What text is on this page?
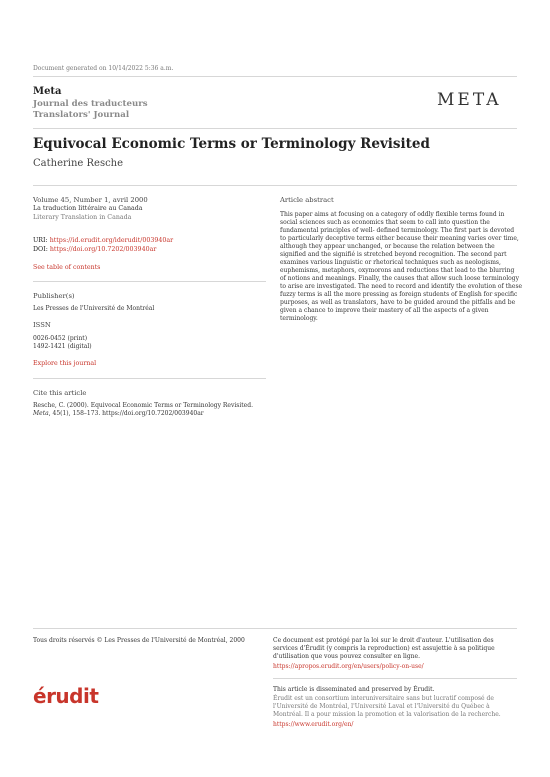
Document generated on 10/14/2022 5:36 a.m.
Meta
Journal des traducteurs
Translators' Journal
META
Equivocal Economic Terms or Terminology Revisited
Catherine Resche
Volume 45, Number 1, avril 2000
La traduction littéraire au Canada
Literary Translation in Canada
URI: https://id.erudit.org/iderudit/003940ar
DOI: https://doi.org/10.7202/003940ar
See table of contents
Publisher(s)
Les Presses de l'Université de Montréal
ISSN
0026-0452 (print)
1492-1421 (digital)
Explore this journal
Cite this article
Resche, C. (2000). Equivocal Economic Terms or Terminology Revisited. Meta, 45(1), 158–173. https://doi.org/10.7202/003940ar
Article abstract
This paper aims at focusing on a category of oddly flexible terms found in
social sciences such as economics that seem to call into question the
fundamental principles of well- defined terminology. The first part is devoted
to particularly deceptive terms either because their meaning varies over time,
although they appear unchanged, or because the relation between the
signified and the signifié is stretched beyond recognition. The second part
examines various linguistic or rhetorical techniques such as neologisms,
euphemisms, metaphors, oxymorons and reductions that lead to the blurring
of notions and meanings. Finally, the causes that allow such loose terminology
to arise are investigated. The need to record and identify the evolution of these
fuzzy terms is all the more pressing as foreign students of English for specific
purposes, as well as translators, have to be guided around the pitfalls and be
given a chance to improve their mastery of all the aspects of a given
terminology.
Tous droits réservés © Les Presses de l'Université de Montréal, 2000	Ce document est protégé par la loi sur le droit d'auteur. L'utilisation des
services d'Érudit (y compris la reproduction) est assujettie à sa politique
d'utilisation que vous pouvez consulter en ligne.
https://apropos.erudit.org/en/users/policy-on-use/
érudit	This article is disseminated and preserved by Érudit.
Érudit est un consortium interuniversitaire sans but lucratif composé de
l'Université de Montréal, l'Université Laval et l'Université du Québec à
Montréal. Il a pour mission la promotion et la valorisation de la recherche.
https://www.erudit.org/en/
